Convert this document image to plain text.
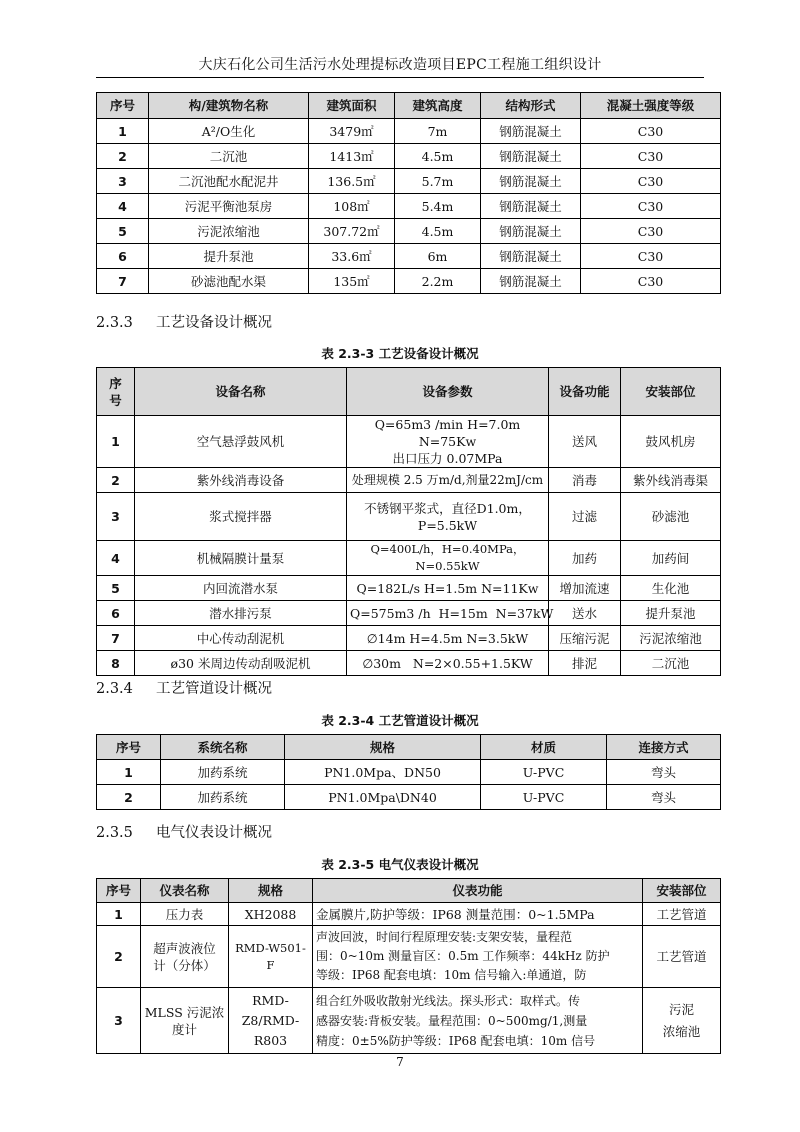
大庆石化公司生活污水处理提标改造项目EPC工程施工组织设计
序号	构/建筑物名称	建筑面积	建筑高度	结构形式	混凝土强度等级
1	A²/O生化	3479㎡	7m	钢筋混凝土	C30
2	二沉池	1413㎡	4.5m	钢筋混凝土	C30
3	二沉池配水配泥井	136.5㎡	5.7m	钢筋混凝土	C30
4	污泥平衡池泵房	108㎡	5.4m	钢筋混凝土	C30
5	污泥浓缩池	307.72㎡	4.5m	钢筋混凝土	C30
6	提升泵池	33.6㎡	6m	钢筋混凝土	C30
7	砂滤池配水渠	135㎡	2.2m	钢筋混凝土	C30
2.3.3 工艺设备设计概况
表 2.3-3 工艺设备设计概况
序
号	设备名称	设备参数	设备功能	安装部位
1	空气悬浮鼓风机	Q=65m3 /min H=7.0m N=75Kw
出口压力 0.07MPa	送风	鼓风机房
2	紫外线消毒设备	处理规模 2.5 万m/d,剂量22mJ/cm	消毒	紫外线消毒渠
3	浆式搅拌器	不锈钢平浆式，直径D1.0m，
P=5.5kW	过滤	砂滤池
4	机械隔膜计量泵	Q=400L/h，H=0.40MPa，N=0.55kW	加药	加药间
5	内回流潜水泵	Q=182L/s H=1.5m N=11Kw	增加流速	生化池
6	潜水排污泵	Q=575m3 /h  H=15m  N=37kW	送水	提升泵池
7	中心传动刮泥机	∅14m H=4.5m N=3.5kW	压缩污泥	污泥浓缩池
8	ø30 米周边传动刮吸泥机	∅30m   N=2×0.55+1.5KW	排泥	二沉池
2.3.4 工艺管道设计概况
表 2.3-4 工艺管道设计概况
序号	系统名称	规格	材质	连接方式
1	加药系统	PN1.0Mpa、DN50	U-PVC	弯头
2	加药系统	PN1.0Mpa\DN40	U-PVC	弯头
2.3.5 电气仪表设计概况
表 2.3-5 电气仪表设计概况
序号	仪表名称	规格	仪表功能	安装部位
1	压力表	XH2088	金属膜片,防护等级：IP68 测量范围：0~1.5MPa	工艺管道
2	超声波液位
计（分体）	RMD-W501-F	声波回波，时间行程原理安装:支架安装，量程范
围：0~10m 测量盲区：0.5m 工作频率：44kHz 防护
等级：IP68 配套电填：10m 信号输入:单通道，防	工艺管道
3	MLSS 污泥浓
度计	RMD-
Z8/RMD-
R803	组合红外吸收散射光线法。探头形式：取样式。传
感器安装:背板安装。量程范围：0~500mg/1,测量
精度：0±5%防护等级：IP68 配套电填：10m 信号	污泥
浓缩池
7
